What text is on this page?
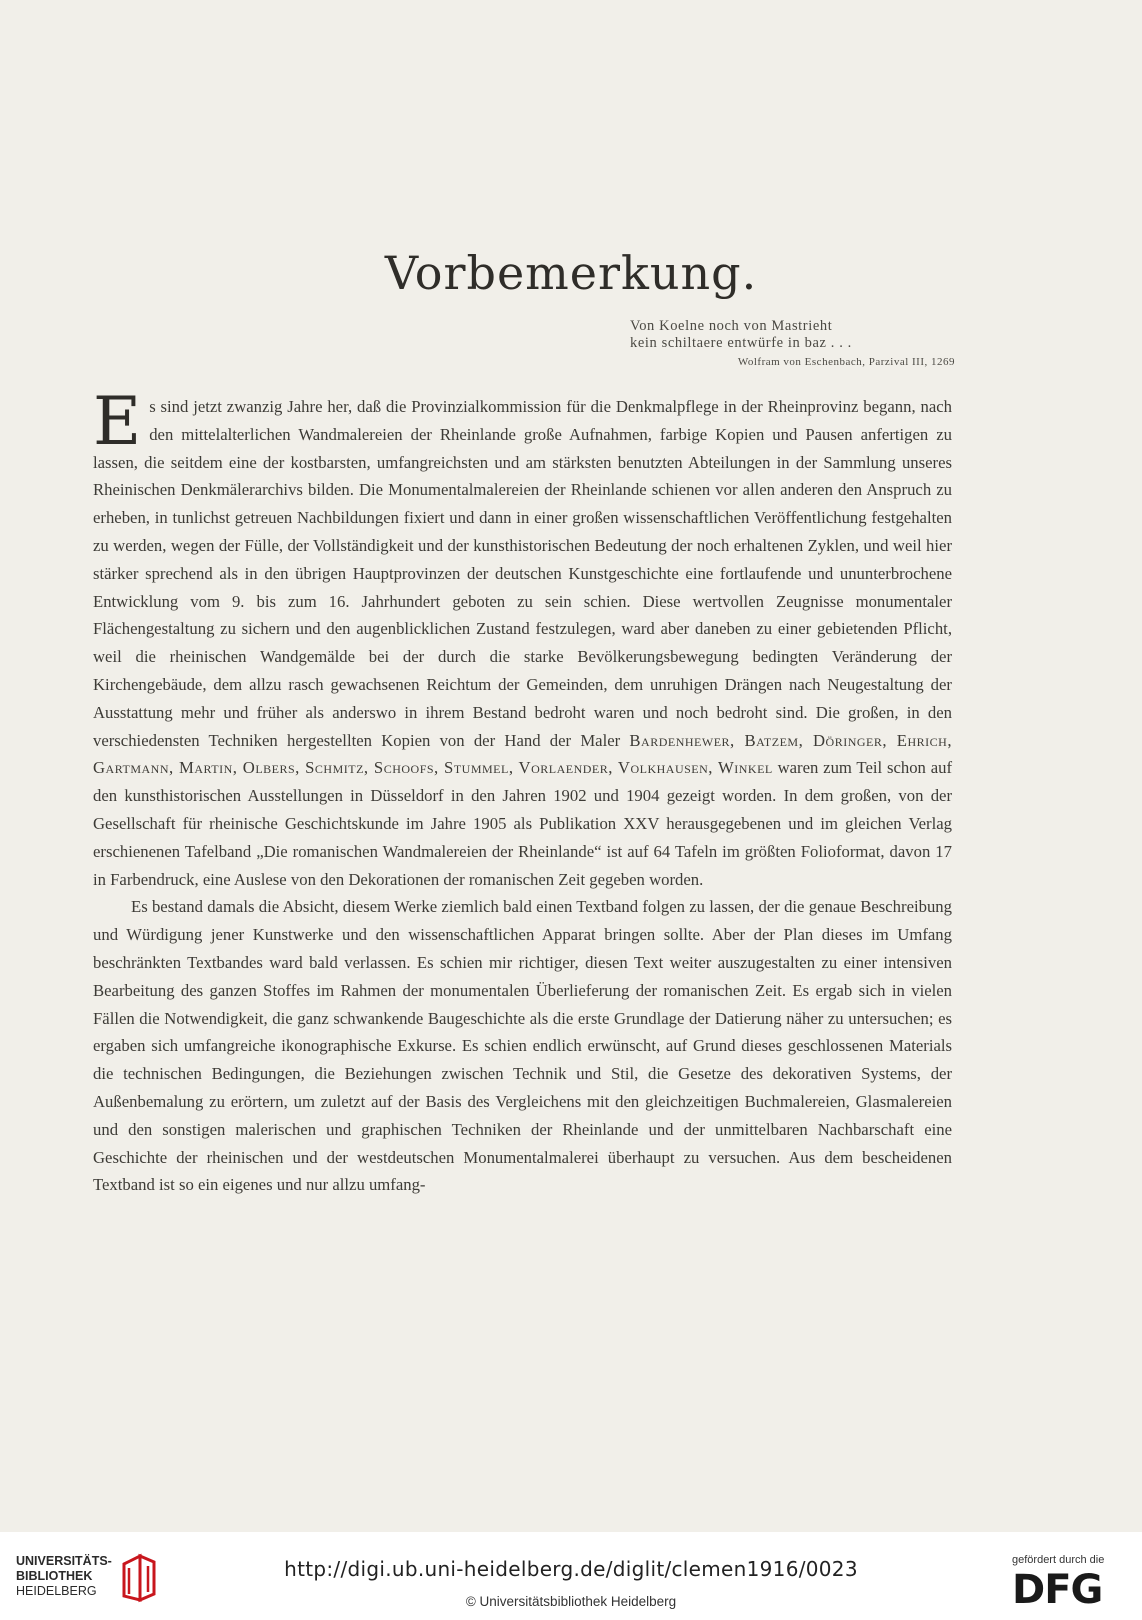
Vorbemerkung.
Von Koelne noch von Mastrieht
kein schiltaere entwürfe in baz . . .
Wolfram von Eschenbach, Parzival III, 1269

Es sind jetzt zwanzig Jahre her, daß die Provinzialkommission für die Denkmalpflege in der Rheinprovinz begann, nach den mittelalterlichen Wandmalereien der Rheinlande große Aufnahmen, farbige Kopien und Pausen anfertigen zu lassen, die seitdem eine der kostbarsten, umfangreichsten und am stärksten benutzten Abteilungen in der Sammlung unseres Rheinischen Denkmälerarchivs bilden. Die Monumentalmalereien der Rheinlande schienen vor allen anderen den Anspruch zu erheben, in tunlichst getreuen Nachbildungen fixiert und dann in einer großen wissenschaftlichen Veröffentlichung festgehalten zu werden, wegen der Fülle, der Vollständigkeit und der kunsthistorischen Bedeutung der noch erhaltenen Zyklen, und weil hier stärker sprechend als in den übrigen Hauptprovinzen der deutschen Kunstgeschichte eine fortlaufende und ununterbrochene Entwicklung vom 9. bis zum 16. Jahrhundert geboten zu sein schien. Diese wertvollen Zeugnisse monumentaler Flächengestaltung zu sichern und den augenblicklichen Zustand festzulegen, ward aber daneben zu einer gebietenden Pflicht, weil die rheinischen Wandgemälde bei der durch die starke Bevölkerungsbewegung bedingten Veränderung der Kirchengebäude, dem allzu rasch gewachsenen Reichtum der Gemeinden, dem unruhigen Drängen nach Neugestaltung der Ausstattung mehr und früher als anderswo in ihrem Bestand bedroht waren und noch bedroht sind. Die großen, in den verschiedensten Techniken hergestellten Kopien von der Hand der Maler Bardenhewer, Batzem, Döringer, Ehrich, Gartmann, Martin, Olbers, Schmitz, Schoofs, Stummel, Vorlaender, Volkhausen, Winkel waren zum Teil schon auf den kunsthistorischen Ausstellungen in Düsseldorf in den Jahren 1902 und 1904 gezeigt worden. In dem großen, von der Gesellschaft für rheinische Geschichtskunde im Jahre 1905 als Publikation XXV herausgegebenen und im gleichen Verlag erschienenen Tafelband „Die romanischen Wandmalereien der Rheinlande“ ist auf 64 Tafeln im größten Folioformat, davon 17 in Farbendruck, eine Auslese von den Dekorationen der romanischen Zeit gegeben worden.

Es bestand damals die Absicht, diesem Werke ziemlich bald einen Textband folgen zu lassen, der die genaue Beschreibung und Würdigung jener Kunstwerke und den wissenschaftlichen Apparat bringen sollte. Aber der Plan dieses im Umfang beschränkten Textbandes ward bald verlassen. Es schien mir richtiger, diesen Text weiter auszugestalten zu einer intensiven Bearbeitung des ganzen Stoffes im Rahmen der monumentalen Überlieferung der romanischen Zeit. Es ergab sich in vielen Fällen die Notwendigkeit, die ganz schwankende Baugeschichte als die erste Grundlage der Datierung näher zu untersuchen; es ergaben sich umfangreiche ikonographische Exkurse. Es schien endlich erwünscht, auf Grund dieses geschlossenen Materials die technischen Bedingungen, die Beziehungen zwischen Technik und Stil, die Gesetze des dekorativen Systems, der Außenbemalung zu erörtern, um zuletzt auf der Basis des Vergleichens mit den gleichzeitigen Buchmalereien, Glasmalereien und den sonstigen malerischen und graphischen Techniken der Rheinlande und der unmittelbaren Nachbarschaft eine Geschichte der rheinischen und der westdeutschen Monumentalmalerei überhaupt zu versuchen. Aus dem bescheidenen Textband ist so ein eigenes und nur allzu umfang-

UNIVERSITÄTS-
BIBLIOTHEK
HEIDELBERG
http://digi.ub.uni-heidelberg.de/diglit/clemen1916/0023
© Universitätsbibliothek Heidelberg
gefördert durch die
DFG
